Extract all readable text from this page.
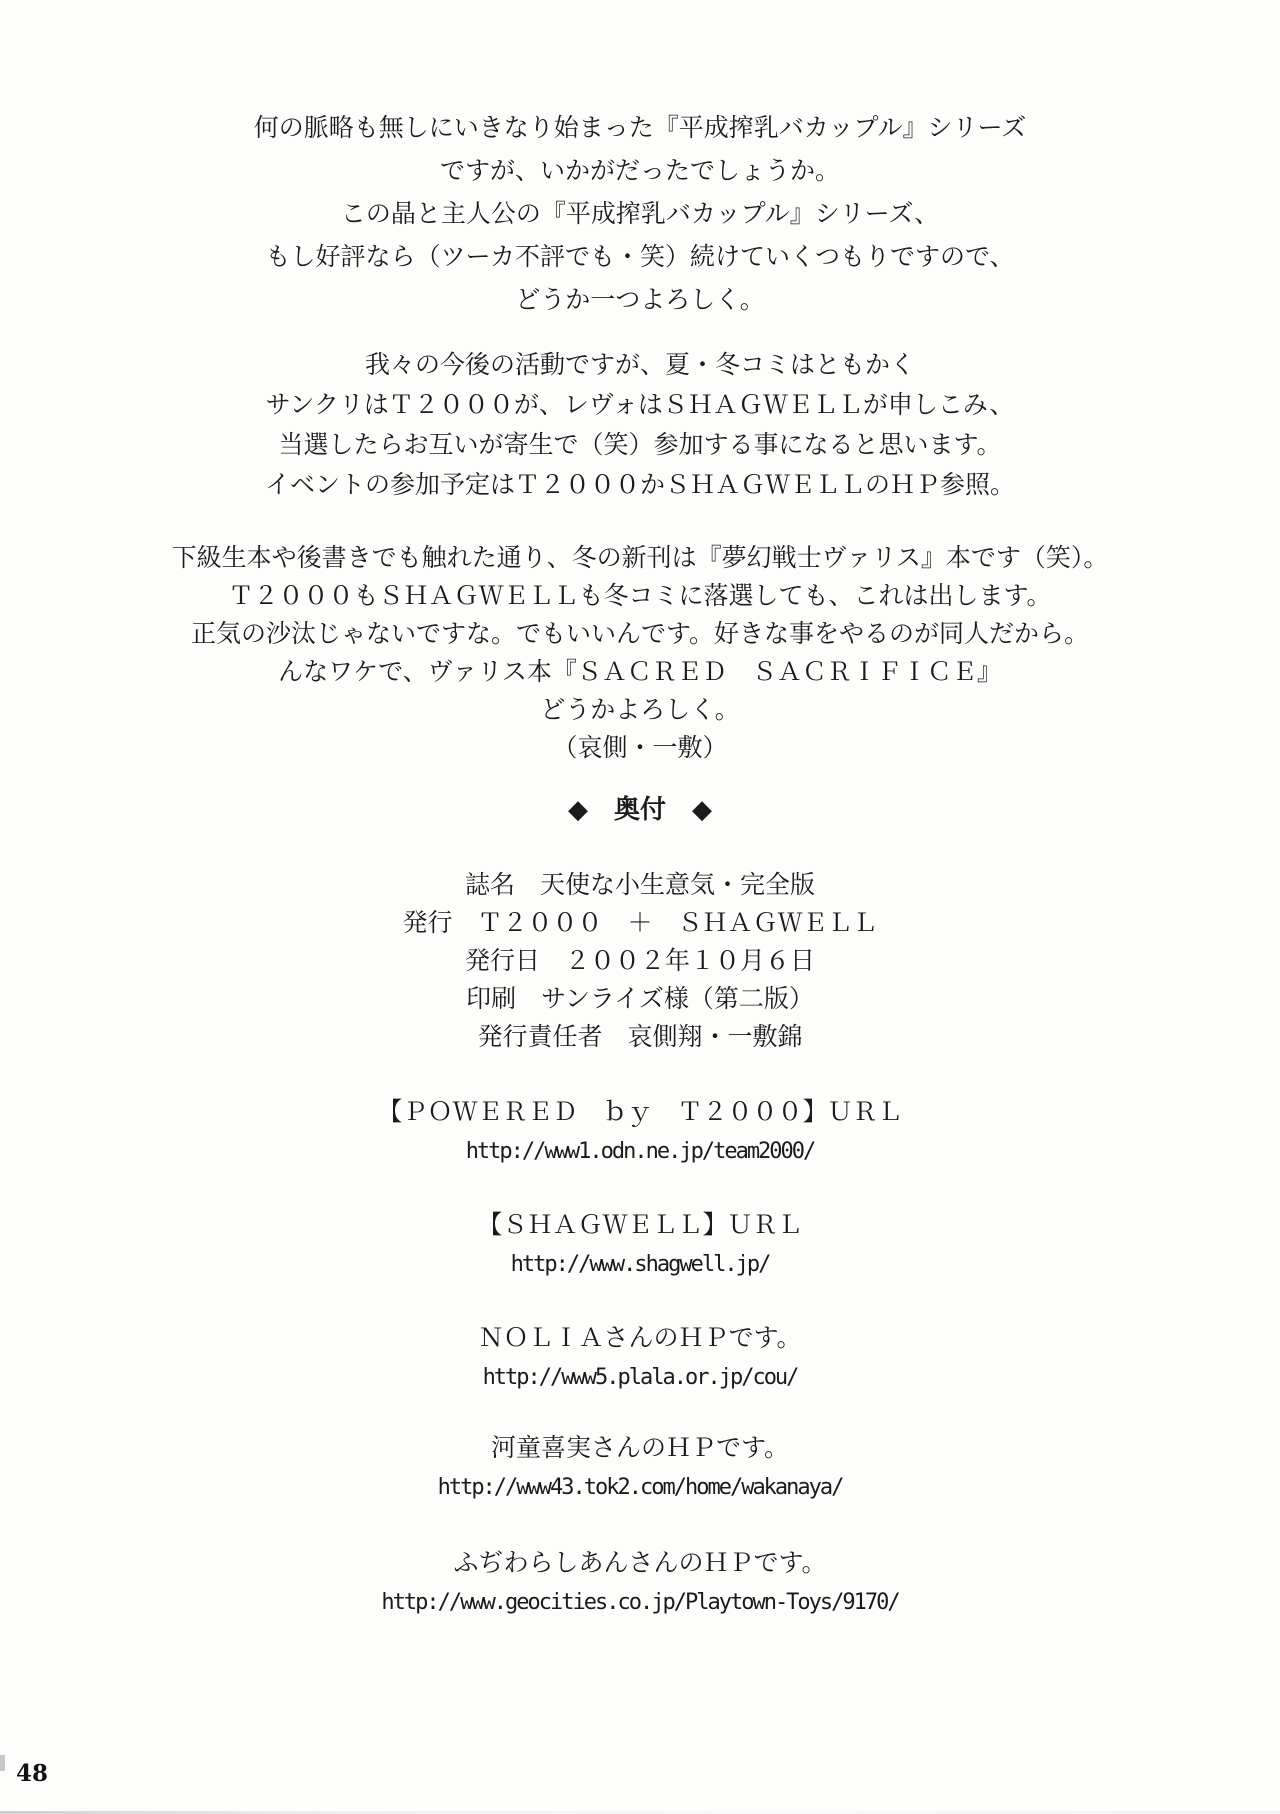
何の脈略も無しにいきなり始まった『平成搾乳バカップル』シリーズ
ですが、いかがだったでしょうか。
この晶と主人公の『平成搾乳バカップル』シリーズ、
もし好評なら（ツーカ不評でも・笑）続けていくつもりですので、
どうか一つよろしく。
我々の今後の活動ですが、夏・冬コミはともかく
サンクリはＴ２０００が、レヴォはＳＨＡＧＷＥＬＬが申しこみ、
当選したらお互いが寄生で（笑）参加する事になると思います。
イベントの参加予定はＴ２０００かＳＨＡＧＷＥＬＬのＨＰ参照。
下級生本や後書きでも触れた通り、冬の新刊は『夢幻戦士ヴァリス』本です（笑）。
Ｔ２０００もＳＨＡＧＷＥＬＬも冬コミに落選しても、これは出します。
正気の沙汰じゃないですな。でもいいんです。好きな事をやるのが同人だから。
んなワケで、ヴァリス本『ＳＡＣＲＥＤ　ＳＡＣＲＩＦＩＣＥ』
どうかよろしく。
（哀側・一敷）
◆　奥付　◆
誌名　天使な小生意気・完全版
発行　Ｔ２０００　＋　ＳＨＡＧＷＥＬＬ
発行日　２００２年１０月６日
印刷　サンライズ様（第二版）
発行責任者　哀側翔・一敷錦
【ＰＯＷＥＲＥＤ　ｂｙ　Ｔ２０００】ＵＲＬ
http://www1.odn.ne.jp/team2000/
【ＳＨＡＧＷＥＬＬ】ＵＲＬ
http://www.shagwell.jp/
ＮＯＬＩＡさんのＨＰです。
http://www5.plala.or.jp/cou/
河童喜実さんのＨＰです。
http://www43.tok2.com/home/wakanaya/
ふぢわらしあんさんのＨＰです。
http://www.geocities.co.jp/Playtown-Toys/9170/
48
